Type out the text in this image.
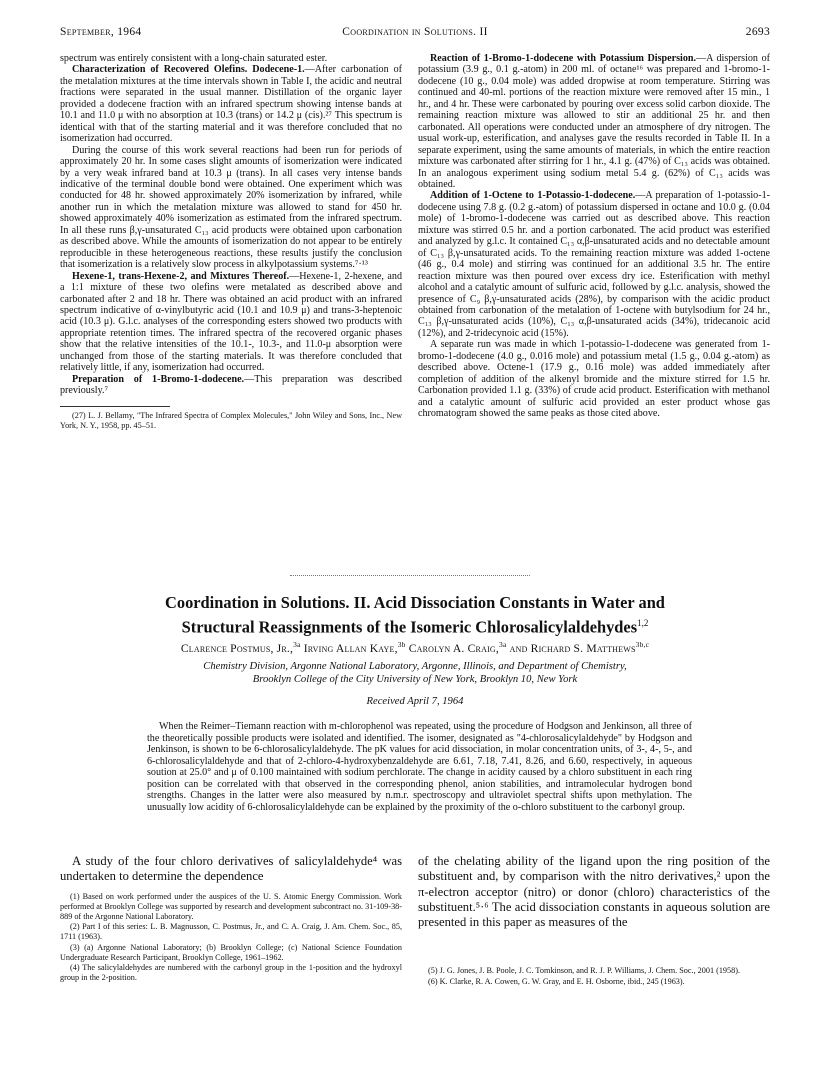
September, 1964	Coordination in Solutions. II	2693

spectrum was entirely consistent with a long-chain saturated ester.

Characterization of Recovered Olefins. Dodecene-1.—After carbonation of the metalation mixtures at the time intervals shown in Table I, the acidic and neutral fractions were separated in the usual manner. Distillation of the organic layer provided a dodecene fraction with an infrared spectrum showing intense bands at 10.1 and 11.0 μ with no absorption at 10.3 (trans) or 14.2 μ (cis).²⁷ This spectrum is identical with that of the starting material and it was therefore concluded that no isomerization had occurred.

During the course of this work several reactions had been run for periods of approximately 20 hr. In some cases slight amounts of isomerization were indicated by a very weak infrared band at 10.3 μ (trans). In all cases very intense bands indicative of the terminal double bond were obtained. One experiment which was conducted for 48 hr. showed approximately 20% isomerization by infrared, while another run in which the metalation mixture was allowed to stand for 450 hr. showed approximately 40% isomerization as estimated from the infrared spectrum. In all these runs β,γ-unsaturated C₁₃ acid products were obtained upon carbonation as described above. While the amounts of isomerization do not appear to be entirely reproducible in these heterogeneous reactions, these results justify the conclusion that isomerization is a relatively slow process in alkylpotassium systems.⁷·¹³

Hexene-1, trans-Hexene-2, and Mixtures Thereof.—Hexene-1, 2-hexene, and a 1:1 mixture of these two olefins were metalated as described above and carbonated after 2 and 18 hr. There was obtained an acid product with an infrared spectrum indicative of α-vinylbutyric acid (10.1 and 10.9 μ) and trans-3-heptenoic acid (10.3 μ). G.l.c. analyses of the corresponding esters showed two products with appropriate retention times. The infrared spectra of the recovered organic phases show that the relative intensities of the 10.1-, 10.3-, and 11.0-μ absorption were unchanged from those of the starting materials. It was therefore concluded that relatively little, if any, isomerization had occurred.

Preparation of 1-Bromo-1-dodecene.—This preparation was described previously.⁷

(27) L. J. Bellamy, "The Infrared Spectra of Complex Molecules," John Wiley and Sons, Inc., New York, N. Y., 1958, pp. 45–51.

Reaction of 1-Bromo-1-dodecene with Potassium Dispersion.—A dispersion of potassium (3.9 g., 0.1 g.-atom) in 200 ml. of octane¹⁶ was prepared and 1-bromo-1-dodecene (10 g., 0.04 mole) was added dropwise at room temperature. Stirring was continued and 40-ml. portions of the reaction mixture were removed after 15 min., 1 hr., and 4 hr. These were carbonated by pouring over excess solid carbon dioxide. The remaining reaction mixture was allowed to stir an additional 25 hr. and then carbonated. All operations were conducted under an atmosphere of dry nitrogen. The usual work-up, esterification, and analyses gave the results recorded in Table II. In a separate experiment, using the same amounts of materials, in which the entire reaction mixture was carbonated after stirring for 1 hr., 4.1 g. (47%) of C₁₃ acids was obtained. In an analogous experiment using sodium metal 5.4 g. (62%) of C₁₃ acids was obtained.

Addition of 1-Octene to 1-Potassio-1-dodecene.—A preparation of 1-potassio-1-dodecene using 7.8 g. (0.2 g.-atom) of potassium dispersed in octane and 10.0 g. (0.04 mole) of 1-bromo-1-dodecene was carried out as described above. This reaction mixture was stirred 0.5 hr. and a portion carbonated. The acid product was esterified and analyzed by g.l.c. It contained C₁₃ α,β-unsaturated acids and no detectable amount of C₁₃ β,γ-unsaturated acids. To the remaining reaction mixture was added 1-octene (46 g., 0.4 mole) and stirring was continued for an additional 3.5 hr. The entire reaction mixture was then poured over excess dry ice. Esterification with methyl alcohol and a catalytic amount of sulfuric acid, followed by g.l.c. analysis, showed the presence of C₉ β,γ-unsaturated acids (28%), by comparison with the acidic product obtained from carbonation of the metalation of 1-octene with butylsodium for 24 hr., C₁₃ β,γ-unsaturated acids (10%), C₁₃ α,β-unsaturated acids (34%), tridecanoic acid (12%), and 2-tridecynoic acid (15%).

A separate run was made in which 1-potassio-1-dodecene was generated from 1-bromo-1-dodecene (4.0 g., 0.016 mole) and potassium metal (1.5 g., 0.04 g.-atom) as described above. Octene-1 (17.9 g., 0.16 mole) was added immediately after completion of addition of the alkenyl bromide and the mixture stirred for 1.5 hr. Carbonation provided 1.1 g. (33%) of crude acid product. Esterification with methanol and a catalytic amount of sulfuric acid provided an ester product whose gas chromatogram showed the same peaks as those cited above.

Coordination in Solutions. II. Acid Dissociation Constants in Water and
Structural Reassignments of the Isomeric Chlorosalicylaldehydes$^{1,2}$
Clarence Postmus, Jr.,$^{3a}$ Irving Allan Kaye,$^{3b}$ Carolyn A. Craig,$^{3a}$ and Richard S. Matthews$^{3b,c}$
Chemistry Division, Argonne National Laboratory, Argonne, Illinois, and Department of Chemistry,
Brooklyn College of the City University of New York, Brooklyn 10, New York
Received April 7, 1964

When the Reimer–Tiemann reaction with m-chlorophenol was repeated, using the procedure of Hodgson and Jenkinson, all three of the theoretically possible products were isolated and identified. The isomer, designated as "4-chlorosalicylaldehyde" by Hodgson and Jenkinson, is shown to be 6-chlorosalicylaldehyde. The pK values for acid dissociation, in molar concentration units, of 3-, 4-, 5-, and 6-chlorosalicylaldehyde and that of 2-chloro-4-hydroxybenzaldehyde are 6.61, 7.18, 7.41, 8.26, and 6.60, respectively, in aqueous soution at 25.0° and μ of 0.100 maintained with sodium perchlorate. The change in acidity caused by a chloro substituent in each ring position can be correlated with that observed in the corresponding phenol, anion stabilities, and intramolecular hydrogen bond strengths. Changes in the latter were also measured by n.m.r. spectroscopy and ultraviolet spectral shifts upon methylation. The unusually low acidity of 6-chlorosalicylaldehyde can be explained by the proximity of the o-chloro substituent to the carbonyl group.

A study of the four chloro derivatives of salicylaldehyde⁴ was undertaken to determine the dependence

(1) Based on work performed under the auspices of the U. S. Atomic Energy Commission. Work performed at Brooklyn College was supported by research and development subcontract no. 31-109-38-889 of the Argonne National Laboratory.

(2) Part I of this series: L. B. Magnusson, C. Postmus, Jr., and C. A. Craig, J. Am. Chem. Soc., 85, 1711 (1963).

(3) (a) Argonne National Laboratory; (b) Brooklyn College; (c) National Science Foundation Undergraduate Research Participant, Brooklyn College, 1961–1962.

(4) The salicylaldehydes are numbered with the carbonyl group in the 1-position and the hydroxyl group in the 2-position.

of the chelating ability of the ligand upon the ring position of the substituent and, by comparison with the nitro derivatives,² upon the π-electron acceptor (nitro) or donor (chloro) characteristics of the substituent.⁵·⁶ The acid dissociation constants in aqueous solution are presented in this paper as measures of the

(5) J. G. Jones, J. B. Poole, J. C. Tomkinson, and R. J. P. Williams, J. Chem. Soc., 2001 (1958).

(6) K. Clarke, R. A. Cowen, G. W. Gray, and E. H. Osborne, ibid., 245 (1963).
